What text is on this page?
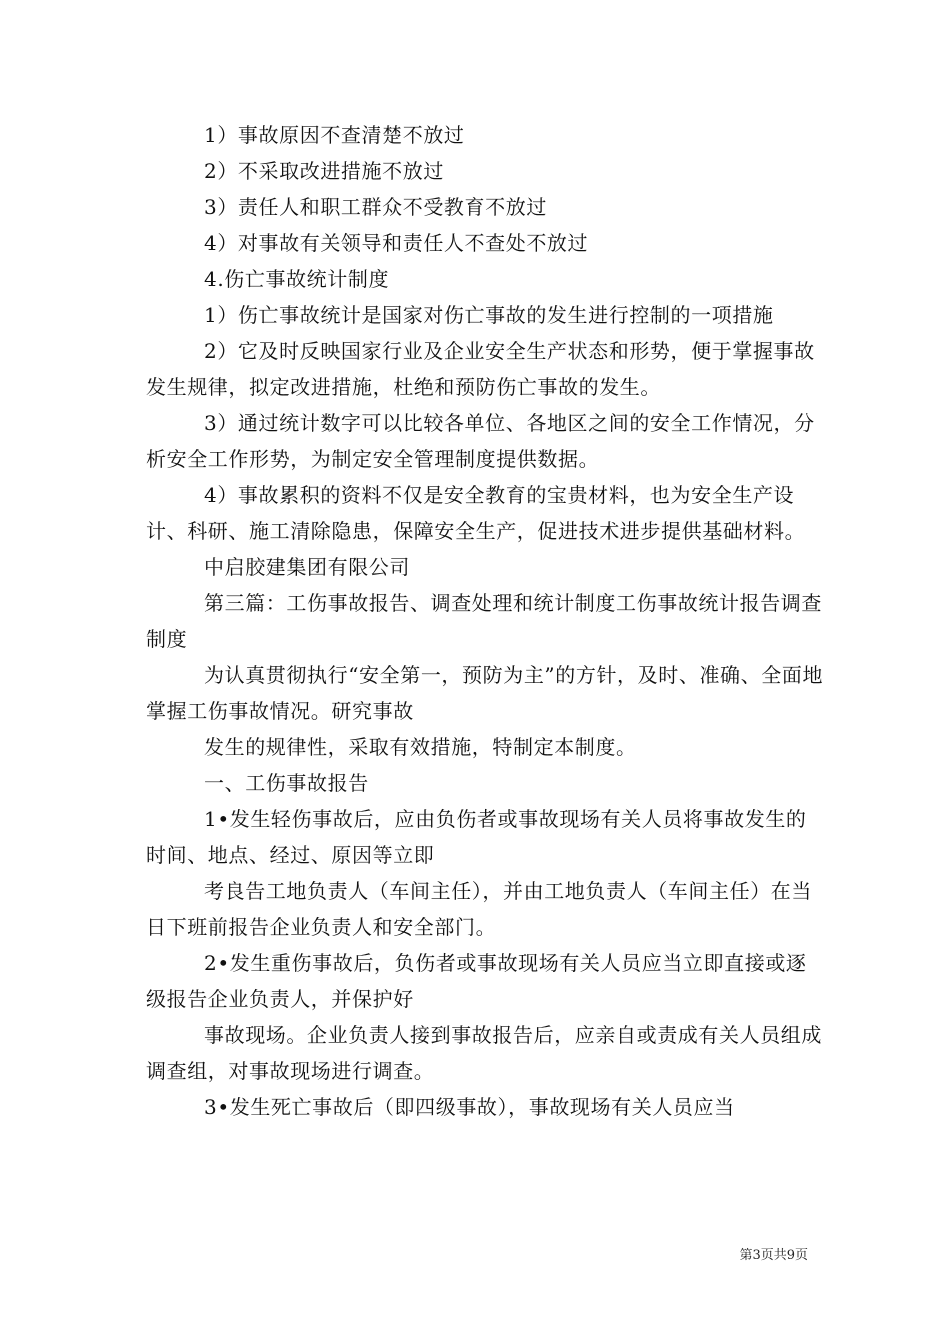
1）事故原因不查清楚不放过

2）不采取改进措施不放过

3）责任人和职工群众不受教育不放过

4）对事故有关领导和责任人不查处不放过

4.伤亡事故统计制度

1）伤亡事故统计是国家对伤亡事故的发生进行控制的一项措施

2）它及时反映国家行业及企业安全生产状态和形势，便于掌握事故发生规律，拟定改进措施，杜绝和预防伤亡事故的发生。

3）通过统计数字可以比较各单位、各地区之间的安全工作情况，分析安全工作形势，为制定安全管理制度提供数据。

4）事故累积的资料不仅是安全教育的宝贵材料，也为安全生产设计、科研、施工清除隐患，保障安全生产，促进技术进步提供基础材料。

中启胶建集团有限公司

第三篇：工伤事故报告、调查处理和统计制度工伤事故统计报告调查制度

为认真贯彻执行“安全第一，预防为主”的方针，及时、准确、全面地掌握工伤事故情况。研究事故

发生的规律性，采取有效措施，特制定本制度。

一、工伤事故报告

1•发生轻伤事故后，应由负伤者或事故现场有关人员将事故发生的时间、地点、经过、原因等立即

考良告工地负责人（车间主任），并由工地负责人（车间主任）在当日下班前报告企业负责人和安全部门。

2•发生重伤事故后，负伤者或事故现场有关人员应当立即直接或逐级报告企业负责人，并保护好

事故现场。企业负责人接到事故报告后，应亲自或责成有关人员组成调查组，对事故现场进行调查。

3•发生死亡事故后（即四级事故），事故现场有关人员应当

第3页共9页
